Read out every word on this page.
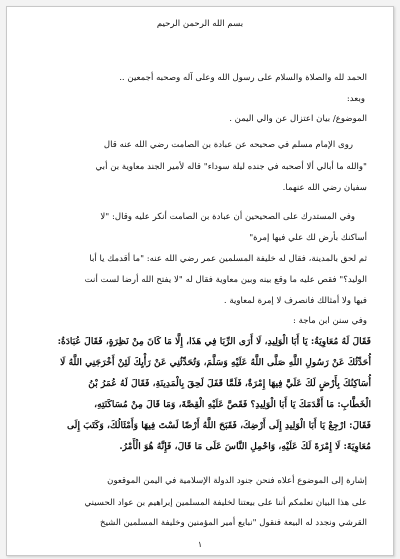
بسم الله الرحمن الرحيم
الحمد لله والصلاة والسلام على رسول الله وعلى آله وصحبه أجمعين ..
وبعد:
الموضوع/ بيان اعتزال عن والي اليمن .
روى الإمام مسلم في صحيحه عن عبادة بن الصامت رضي الله عنه قال
"والله ما أبالي ألا أصحبه في جنده ليلة سوداء" قاله لأمير الجند معاوية بن أبي
سفيان رضي الله عنهما.
وفي المستدرك على الصحيحين أن عبادة بن الصامت أنكر عليه وقال: "لا
أساكنك بأرض لك علي فيها إمرة"
ثم لحق بالمدينة، فقال له خليفة المسلمين عمر رضي الله عنه: "ما أقدمك يا أبا
الوليد؟" فقص عليه ما وقع بينه وبين معاوية فقال له "لا يفتح الله أرضا لست أنت
فيها ولا أمثالك فانصرف لا إمرة لمعاوية .
وفي سنن ابن ماجة :
فَقَالَ لَهُ مُعَاوِيَةُ: يَا أَبَا الْوَلِيدِ، لَا أَرَى الرِّبَا فِي هَذَا، إِلَّا مَا كَانَ مِنْ نَظِرَةٍ، فَقَالَ عُبَادَةُ:
أُحَدِّثُكَ عَنْ رَسُولِ اللَّهِ صَلَّى اللَّهُ عَلَيْهِ وَسَلَّمَ، وَتُحَدِّثُنِي عَنْ رَأْيِكَ لَئِنْ أَخْرَجَنِي اللَّهُ لَا
أُسَاكِنُكَ بِأَرْضٍ لَكَ عَلَيَّ فِيهَا إِمْرَةٌ، فَلَمَّا قَفَلَ لَحِقَ بِالْمَدِينَةِ، فَقَالَ لَهُ عُمَرُ بْنُ
الْخَطَّابِ: مَا أَقْدَمَكَ يَا أَبَا الْوَلِيدِ؟ فَقَصَّ عَلَيْهِ الْقِصَّةَ، وَمَا قَالَ مِنْ مُسَاكَنَتِهِ،
فَقَالَ: ارْجِعْ يَا أَبَا الْوَلِيدِ إِلَى أَرْضِكَ، فَقَبَحَ اللَّهُ أَرْضًا لَسْتَ فِيهَا وَأَمْثَالُكَ، وَكَتَبَ إِلَى
مُعَاوِيَةَ: لَا إِمْرَةَ لَكَ عَلَيْهِ، وَاحْمِلِ النَّاسَ عَلَى مَا قَالَ، فَإِنَّهُ هُوَ الْأَمْرُ.
إشارة إلى الموضوع أعلاه فنحن جنود الدولة الإسلامية في اليمن الموقعون
على هذا البيان نعلمكم أننا على بيعتنا لخليفة المسلمين إبراهيم بن عواد الحسيني
القرشي ونجدد له البيعة فنقول "نبايع أمير المؤمنين وخليفة المسلمين الشيخ
١
